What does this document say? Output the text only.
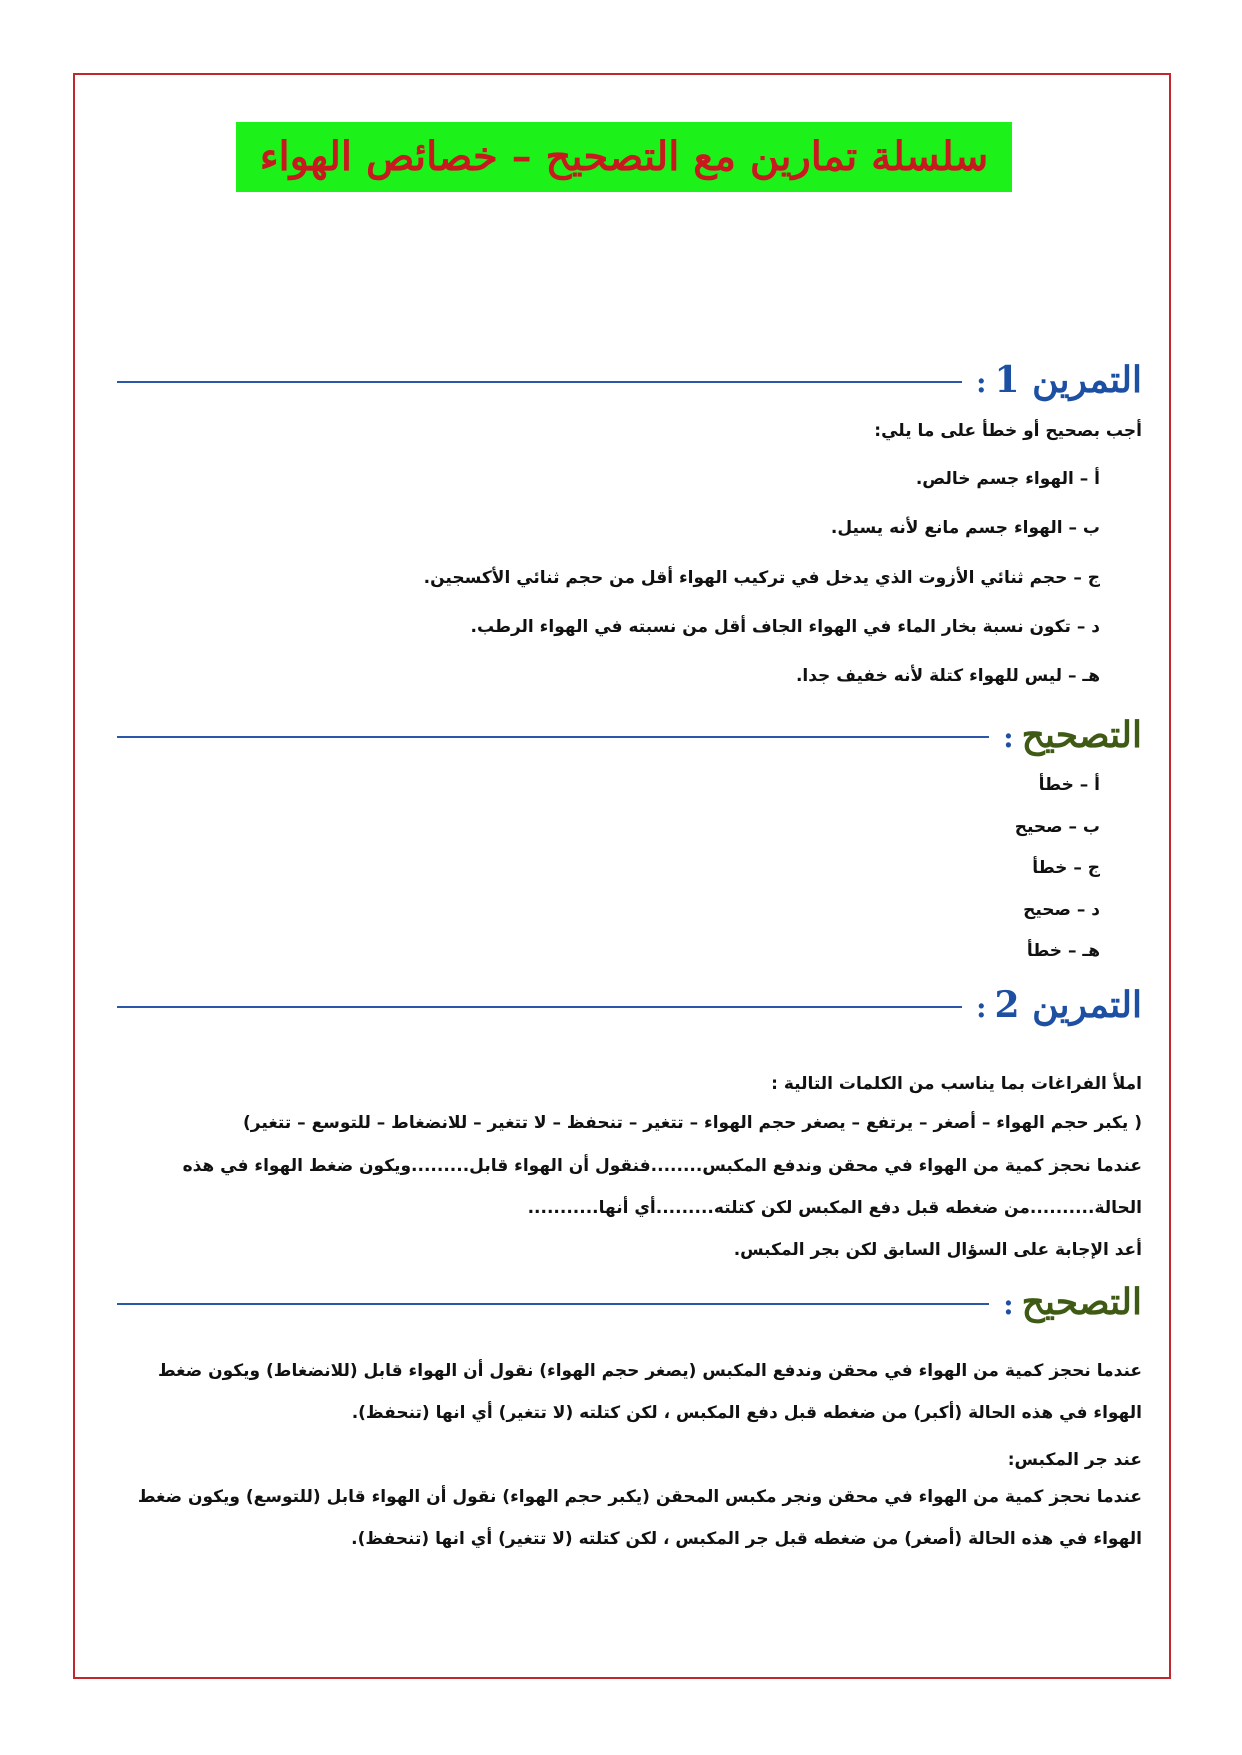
سلسلة تمارين مع التصحيح – خصائص الهواء
التمرين 1:
أجب بصحيح أو خطأ على ما يلي:
أ – الهواء جسم خالص.
ب – الهواء جسم مانع لأنه يسيل.
ج – حجم ثنائي الأزوت الذي يدخل في تركيب الهواء أقل من حجم ثنائي الأكسجين.
د – تكون نسبة بخار الماء في الهواء الجاف أقل من نسبته في الهواء الرطب.
هـ – ليس للهواء كتلة لأنه خفيف جدا.
التصحيح:
أ – خطأ
ب – صحيح
ج – خطأ
د – صحيح
هـ – خطأ
التمرين 2:
املأ الفراغات بما يناسب من الكلمات التالية :
( يكبر حجم الهواء – أصغر – يرتفع – يصغر حجم الهواء – تتغير – تنحفظ – لا تتغير – للانضغاط – للتوسع – تتغير)
عندما نحجز كمية من الهواء في محقن وندفع المكبس........فنقول أن الهواء قابل.........ويكون ضغط الهواء في هذه الحالة..........من ضغطه قبل دفع المكبس لكن كتلته.........أي أنها...........
أعد الإجابة على السؤال السابق لكن بجر المكبس.
التصحيح:
عندما نحجز كمية من الهواء في محقن وندفع المكبس (يصغر حجم الهواء) نقول أن الهواء قابل (للانضغاط) ويكون ضغط الهواء في هذه الحالة (أكبر) من ضغطه قبل دفع المكبس ، لكن كتلته (لا تتغير) أي انها (تنحفظ).
عند جر المكبس:
عندما نحجز كمية من الهواء في محقن ونجر مكبس المحقن (يكبر حجم الهواء) نقول أن الهواء قابل (للتوسع) ويكون ضغط الهواء في هذه الحالة (أصغر) من ضغطه قبل جر المكبس ، لكن كتلته (لا تتغير) أي انها (تنحفظ).
